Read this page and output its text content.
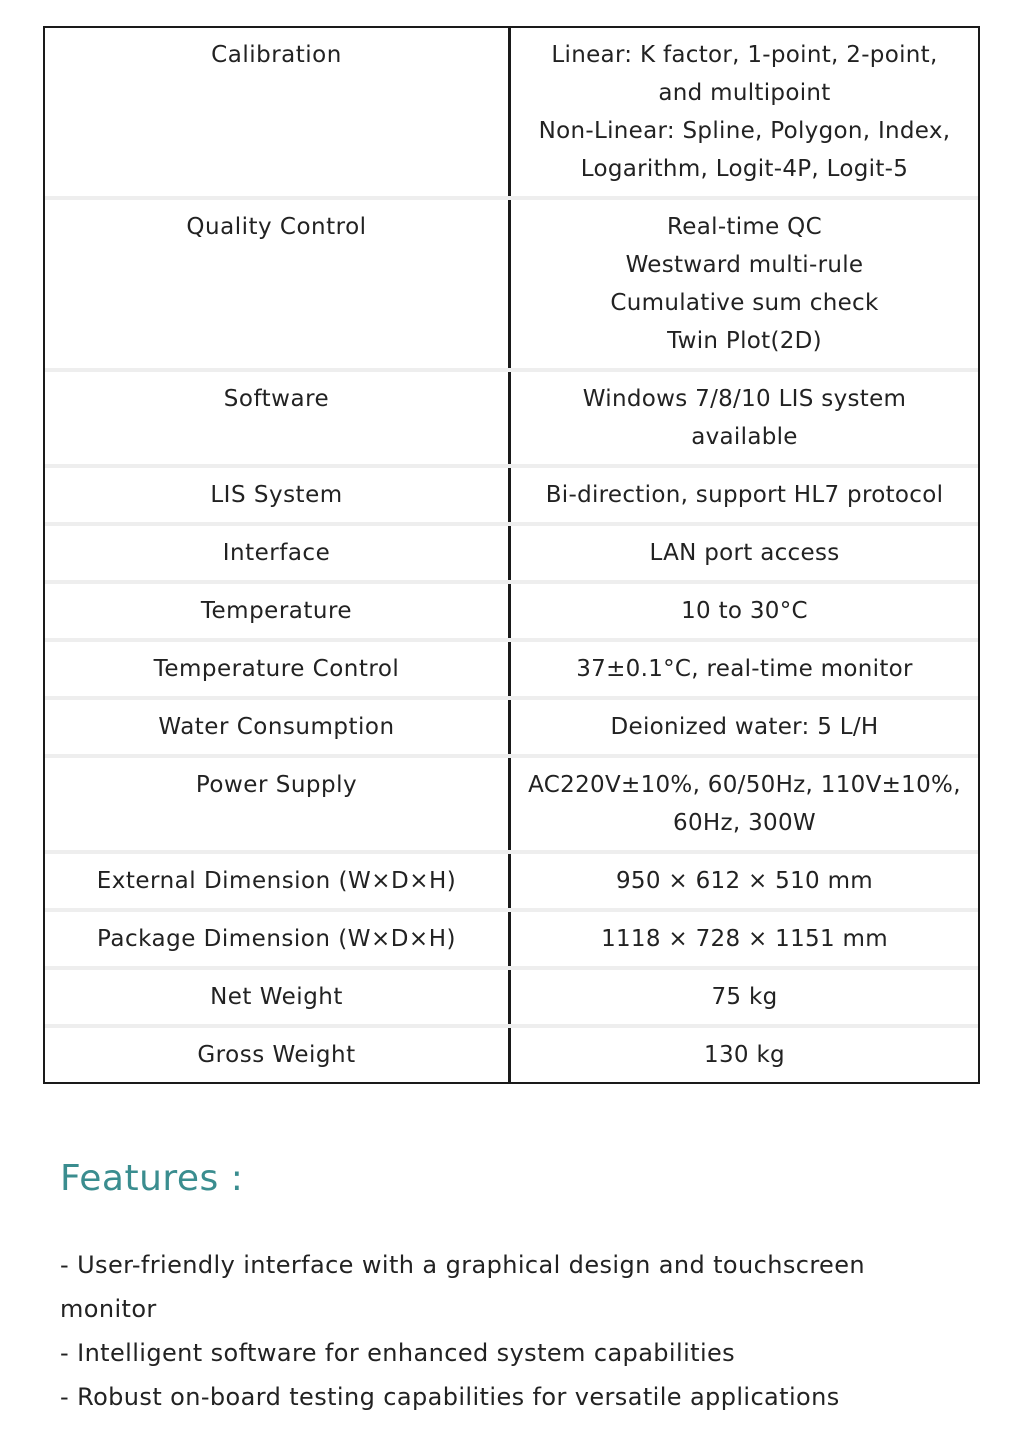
Calibration	Linear: K factor, 1-point, 2-point,
and multipoint
Non-Linear: Spline, Polygon, Index,
Logarithm, Logit-4P, Logit-5
Quality Control	Real-time QC
Westward multi-rule
Cumulative sum check
Twin Plot(2D)
Software	Windows 7/8/10 LIS system
available
LIS System	Bi-direction, support HL7 protocol
Interface	LAN port access
Temperature	10 to 30°C
Temperature Control	37±0.1°C, real-time monitor
Water Consumption	Deionized water: 5 L/H
Power Supply	AC220V±10%, 60/50Hz, 110V±10%,
60Hz, 300W
External Dimension (W×D×H)	950 × 612 × 510 mm
Package Dimension (W×D×H)	1118 × 728 × 1151 mm
Net Weight	75 kg
Gross Weight	130 kg
Features :
- User-friendly interface with a graphical design and touchscreen monitor
- Intelligent software for enhanced system capabilities
- Robust on-board testing capabilities for versatile applications
